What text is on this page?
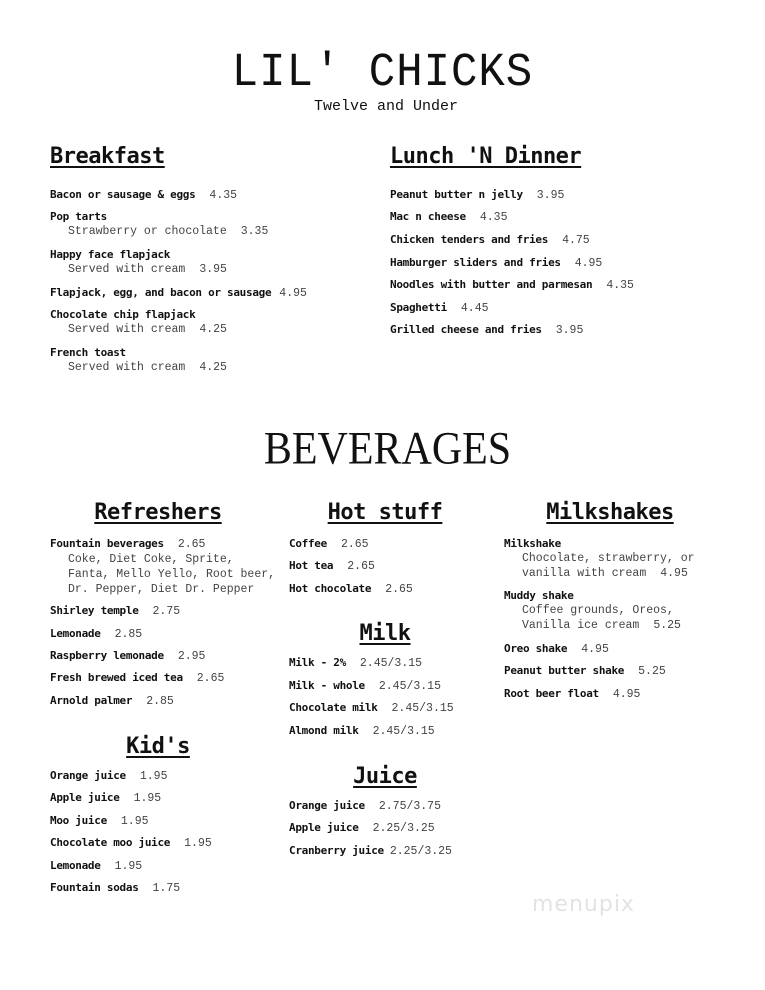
LIL' CHICKS
Twelve and Under
Breakfast
Bacon or sausage & eggs 4.35
Pop tarts
Strawberry or chocolate 3.35
Happy face flapjack
Served with cream 3.95
Flapjack, egg, and bacon or sausage 4.95
Chocolate chip flapjack
Served with cream 4.25
French toast
Served with cream 4.25
Lunch 'N Dinner
Peanut butter n jelly 3.95
Mac n cheese 4.35
Chicken tenders and fries 4.75
Hamburger sliders and fries 4.95
Noodles with butter and parmesan 4.35
Spaghetti 4.45
Grilled cheese and fries 3.95
BEVERAGES
Refreshers
Fountain beverages 2.65
Coke, Diet Coke, Sprite,
Fanta, Mello Yello, Root beer,
Dr. Pepper, Diet Dr. Pepper
Shirley temple 2.75
Lemonade 2.85
Raspberry lemonade 2.95
Fresh brewed iced tea 2.65
Arnold palmer 2.85
Kid's
Orange juice 1.95
Apple juice 1.95
Moo juice 1.95
Chocolate moo juice 1.95
Lemonade 1.95
Fountain sodas 1.75
Hot stuff
Coffee 2.65
Hot tea 2.65
Hot chocolate 2.65
Milk
Milk - 2% 2.45/3.15
Milk - whole 2.45/3.15
Chocolate milk 2.45/3.15
Almond milk 2.45/3.15
Juice
Orange juice 2.75/3.75
Apple juice 2.25/3.25
Cranberry juice 2.25/3.25
Milkshakes
Milkshake
Chocolate, strawberry, or
vanilla with cream 4.95
Muddy shake
Coffee grounds, Oreos,
Vanilla ice cream 5.25
Oreo shake 4.95
Peanut butter shake 5.25
Root beer float 4.95
menupix
